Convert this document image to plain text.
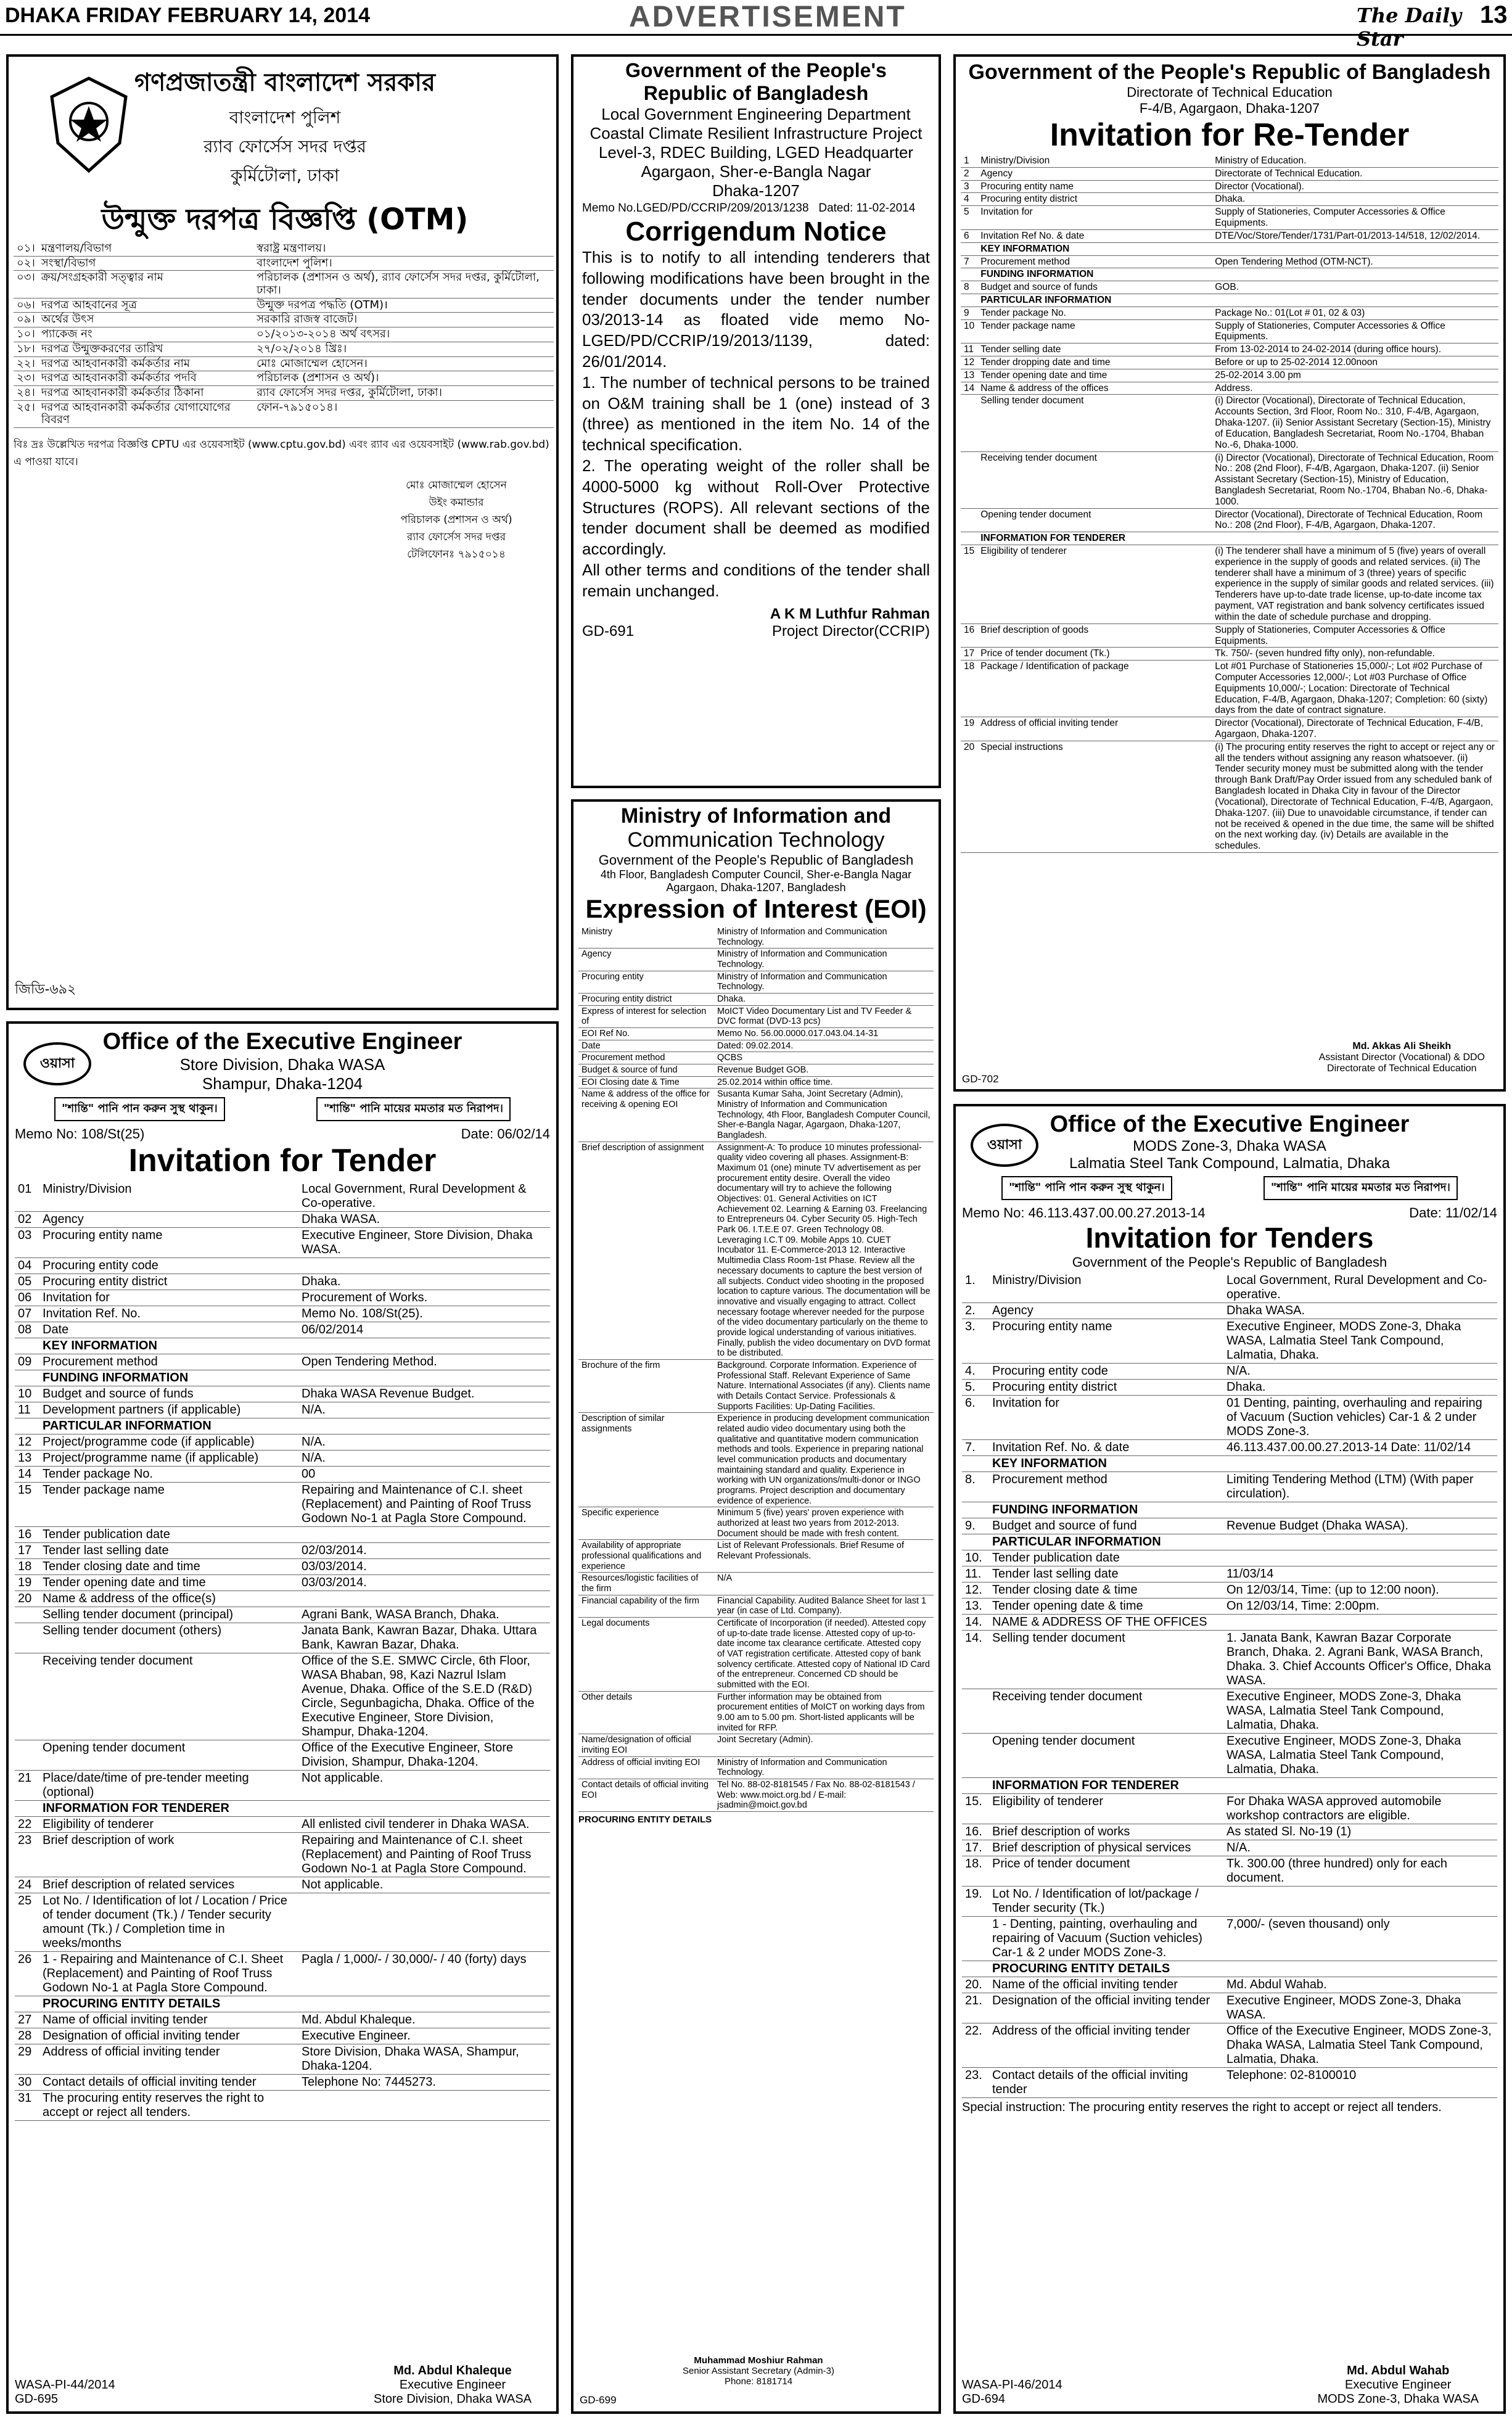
DHAKA FRIDAY FEBRUARY 14, 2014	ADVERTISEMENT	The Daily Star
13
গণপ্রজাতন্ত্রী বাংলাদেশ সরকার
বাংলাদেশ পুলিশ
র‌্যাব ফোর্সেস সদর দপ্তর
কুর্মিটোলা, ঢাকা
উন্মুক্ত দরপত্র বিজ্ঞপ্তি (OTM)
০১।	মন্ত্রণালয়/বিভাগ	স্বরাষ্ট্র মন্ত্রণালয়।
০২।	সংস্থা/বিভাগ	বাংলাদেশ পুলিশ।
০৩।	ক্রয়/সংগ্রহকারী সত্ত্বার নাম	পরিচালক (প্রশাসন ও অর্থ), র‌্যাব ফোর্সেস সদর দপ্তর, কুর্মিটোলা, ঢাকা।
০৬।	দরপত্র আহবানের সূত্র	উন্মুক্ত দরপত্র পদ্ধতি (OTM)।
০৯।	অর্থের উৎস	সরকারি রাজস্ব বাজেট।
১০।	প্যাকেজ নং	০১/২০১৩-২০১৪ অর্থ বৎসর।
১৮।	দরপত্র উন্মুক্তকরণের তারিখ	২৭/০২/২০১৪ খ্রিঃ।
২২।	দরপত্র আহবানকারী কর্মকর্তার নাম	মোঃ মোজাম্মেল হোসেন।
২৩।	দরপত্র আহবানকারী কর্মকর্তার পদবি	পরিচালক (প্রশাসন ও অর্থ)।
২৪।	দরপত্র আহবানকারী কর্মকর্তার ঠিকানা	র‌্যাব ফোর্সেস সদর দপ্তর, কুর্মিটোলা, ঢাকা।
২৫।	দরপত্র আহবানকারী কর্মকর্তার যোগাযোগের বিবরণ	ফোন-৭৯১৫০১৪।
বিঃ দ্রঃ উল্লেখিত দরপত্র বিজ্ঞপ্তি CPTU এর ওয়েবসাইট (www.cptu.gov.bd) এবং র‌্যাব এর ওয়েবসাইট (www.rab.gov.bd) এ পাওয়া যাবে।
মোঃ মোজাম্মেল হোসেন
উইং কমান্ডার
পরিচালক (প্রশাসন ও অর্থ)
র‌্যাব ফোর্সেস সদর দপ্তর
টেলিফোনঃ ৭৯১৫০১৪
জিডি-৬৯২
Government of the People's
Republic of Bangladesh
Local Government Engineering Department
Coastal Climate Resilient Infrastructure Project
Level-3, RDEC Building, LGED Headquarter
Agargaon, Sher-e-Bangla Nagar
Dhaka-1207
Memo No.LGED/PD/CCRIP/209/2013/1238 Dated: 11-02-2014
Corrigendum Notice

This is to notify to all intending tenderers that following modifications have been brought in the tender documents under the tender number 03/2013-14 as floated vide memo No-LGED/PD/CCRIP/19/2013/1139, dated: 26/01/2014.

1. The number of technical persons to be trained on O&M training shall be 1 (one) instead of 3 (three) as mentioned in the item No. 14 of the technical specification.

2. The operating weight of the roller shall be 4000-5000 kg without Roll-Over Protective Structures (ROPS). All relevant sections of the tender document shall be deemed as modified accordingly.

All other terms and conditions of the tender shall remain unchanged.

A K M Luthfur Rahman
GD-691	Project Director(CCRIP)
Ministry of Information and
Communication Technology
Government of the People's Republic of Bangladesh
4th Floor, Bangladesh Computer Council, Sher-e-Bangla Nagar
Agargaon, Dhaka-1207, Bangladesh
Expression of Interest (EOI)
Ministry	Ministry of Information and Communication Technology.
Agency	Ministry of Information and Communication Technology.
Procuring entity	Ministry of Information and Communication Technology.
Procuring entity district	Dhaka.
Express of interest for selection of	MoICT Video Documentary List and TV Feeder & DVC format (DVD-13 pcs)
EOI Ref No.	Memo No. 56.00.0000.017.043.04.14-31
Date	Dated: 09.02.2014.
Procurement method	QCBS
Budget & source of fund	Revenue Budget GOB.
EOI Closing date & Time	25.02.2014 within office time.
Name & address of the office for receiving & opening EOI	Susanta Kumar Saha, Joint Secretary (Admin), Ministry of Information and Communication Technology, 4th Floor, Bangladesh Computer Council, Sher-e-Bangla Nagar, Agargaon, Dhaka-1207, Bangladesh.
Brief description of assignment	Assignment-A: To produce 10 minutes professional-quality video covering all phases. Assignment-B: Maximum 01 (one) minute TV advertisement as per procurement entity desire. Overall the video documentary will try to achieve the following Objectives: 01. General Activities on ICT Achievement 02. Learning & Earning 03. Freelancing to Entrepreneurs 04. Cyber Security 05. High-Tech Park 06. I.T.E.E 07. Green Technology 08. Leveraging I.C.T 09. Mobile Apps 10. CUET Incubator 11. E-Commerce-2013 12. Interactive Multimedia Class Room-1st Phase. Review all the necessary documents to capture the best version of all subjects. Conduct video shooting in the proposed location to capture various. The documentation will be innovative and visually engaging to attract. Collect necessary footage wherever needed for the purpose of the video documentary particularly on the theme to provide logical understanding of various initiatives. Finally, publish the video documentary on DVD format to be distributed.
Brochure of the firm	Background. Corporate Information. Experience of Professional Staff. Relevant Experience of Same Nature. International Associates (if any). Clients name with Details Contact Service. Professionals & Supports Facilities: Up-Dating Facilities.
Description of similar assignments	Experience in producing development communication related audio video documentary using both the qualitative and quantitative modern communication methods and tools. Experience in preparing national level communication products and documentary maintaining standard and quality. Experience in working with UN organizations/multi-donor or INGO programs. Project description and documentary evidence of experience.
Specific experience	Minimum 5 (five) years' proven experience with authorized at least two years from 2012-2013. Document should be made with fresh content.
Availability of appropriate professional qualifications and experience	List of Relevant Professionals. Brief Resume of Relevant Professionals.
Resources/logistic facilities of the firm	N/A
Financial capability of the firm	Financial Capability. Audited Balance Sheet for last 1 year (in case of Ltd. Company).
Legal documents	Certificate of Incorporation (if needed). Attested copy of up-to-date trade license. Attested copy of up-to-date income tax clearance certificate. Attested copy of VAT registration certificate. Attested copy of bank solvency certificate. Attested copy of National ID Card of the entrepreneur. Concerned CD should be submitted with the EOI.
Other details	Further information may be obtained from procurement entities of MoICT on working days from 9.00 am to 5.00 pm. Short-listed applicants will be invited for RFP.
Name/designation of official inviting EOI	Joint Secretary (Admin).
Address of official inviting EOI	Ministry of Information and Communication Technology.
Contact details of official inviting EOI	Tel No. 88-02-8181545 / Fax No. 88-02-8181543 / Web: www.moict.org.bd / E-mail: jsadmin@moict.gov.bd
PROCURING ENTITY DETAILS
Muhammad Moshiur Rahman
Senior Assistant Secretary (Admin-3)
Phone: 8181714
GD-699
Government of the People's Republic of Bangladesh
Directorate of Technical Education
F-4/B, Agargaon, Dhaka-1207
Invitation for Re-Tender
1	Ministry/Division	Ministry of Education.
2	Agency	Directorate of Technical Education.
3	Procuring entity name	Director (Vocational).
4	Procuring entity district	Dhaka.
5	Invitation for	Supply of Stationeries, Computer Accessories & Office Equipments.
6	Invitation Ref No. & date	DTE/Voc/Store/Tender/1731/Part-01/2013-14/518, 12/02/2014.
	KEY INFORMATION	
7	Procurement method	Open Tendering Method (OTM-NCT).
	FUNDING INFORMATION	
8	Budget and source of funds	GOB.
	PARTICULAR INFORMATION	
9	Tender package No.	Package No.: 01(Lot # 01, 02 & 03)
10	Tender package name	Supply of Stationeries, Computer Accessories & Office Equipments.
11	Tender selling date	From 13-02-2014 to 24-02-2014 (during office hours).
12	Tender dropping date and time	Before or up to 25-02-2014 12.00noon
13	Tender opening date and time	25-02-2014 3.00 pm
14	Name & address of the offices	Address.
	Selling tender document	(i) Director (Vocational), Directorate of Technical Education, Accounts Section, 3rd Floor, Room No.: 310, F-4/B, Agargaon, Dhaka-1207. (ii) Senior Assistant Secretary (Section-15), Ministry of Education, Bangladesh Secretariat, Room No.-1704, Bhaban No.-6, Dhaka-1000.
	Receiving tender document	(i) Director (Vocational), Directorate of Technical Education, Room No.: 208 (2nd Floor), F-4/B, Agargaon, Dhaka-1207. (ii) Senior Assistant Secretary (Section-15), Ministry of Education, Bangladesh Secretariat, Room No.-1704, Bhaban No.-6, Dhaka-1000.
	Opening tender document	Director (Vocational), Directorate of Technical Education, Room No.: 208 (2nd Floor), F-4/B, Agargaon, Dhaka-1207.
	INFORMATION FOR TENDERER	
15	Eligibility of tenderer	(i) The tenderer shall have a minimum of 5 (five) years of overall experience in the supply of goods and related services. (ii) The tenderer shall have a minimum of 3 (three) years of specific experience in the supply of similar goods and related services. (iii) Tenderers have up-to-date trade license, up-to-date income tax payment, VAT registration and bank solvency certificates issued within the date of schedule purchase and dropping.
16	Brief description of goods	Supply of Stationeries, Computer Accessories & Office Equipments.
17	Price of tender document (Tk.)	Tk. 750/- (seven hundred fifty only), non-refundable.
18	Package / Identification of package	Lot #01 Purchase of Stationeries 15,000/-; Lot #02 Purchase of Computer Accessories 12,000/-; Lot #03 Purchase of Office Equipments 10,000/-; Location: Directorate of Technical Education, F-4/B, Agargaon, Dhaka-1207; Completion: 60 (sixty) days from the date of contract signature.
19	Address of official inviting tender	Director (Vocational), Directorate of Technical Education, F-4/B, Agargaon, Dhaka-1207.
20	Special instructions	(i) The procuring entity reserves the right to accept or reject any or all the tenders without assigning any reason whatsoever. (ii) Tender security money must be submitted along with the tender through Bank Draft/Pay Order issued from any scheduled bank of Bangladesh located in Dhaka City in favour of the Director (Vocational), Directorate of Technical Education, F-4/B, Agargaon, Dhaka-1207. (iii) Due to unavoidable circumstance, if tender can not be received & opened in the due time, the same will be shifted on the next working day. (iv) Details are available in the schedules.
Md. Akkas Ali Sheikh
Assistant Director (Vocational) & DDO
Directorate of Technical Education
GD-702
ওয়াসা
Office of the Executive Engineer
Store Division, Dhaka WASA
Shampur, Dhaka-1204
"শান্তি" পানি পান করুন সুস্থ থাকুন।	"শান্তি" পানি মায়ের মমতার মত নিরাপদ।
Memo No: 108/St(25)	Date: 06/02/14
Invitation for Tender
01	Ministry/Division	Local Government, Rural Development & Co-operative.
02	Agency	Dhaka WASA.
03	Procuring entity name	Executive Engineer, Store Division, Dhaka WASA.
04	Procuring entity code	
05	Procuring entity district	Dhaka.
06	Invitation for	Procurement of Works.
07	Invitation Ref. No.	Memo No. 108/St(25).
08	Date	06/02/2014
	KEY INFORMATION	
09	Procurement method	Open Tendering Method.
	FUNDING INFORMATION	
10	Budget and source of funds	Dhaka WASA Revenue Budget.
11	Development partners (if applicable)	N/A.
	PARTICULAR INFORMATION	
12	Project/programme code (if applicable)	N/A.
13	Project/programme name (if applicable)	N/A.
14	Tender package No.	00
15	Tender package name	Repairing and Maintenance of C.I. sheet (Replacement) and Painting of Roof Truss Godown No-1 at Pagla Store Compound.
16	Tender publication date	
17	Tender last selling date	02/03/2014.
18	Tender closing date and time	03/03/2014.
19	Tender opening date and time	03/03/2014.
20	Name & address of the office(s)	
	Selling tender document (principal)	Agrani Bank, WASA Branch, Dhaka.
	Selling tender document (others)	Janata Bank, Kawran Bazar, Dhaka. Uttara Bank, Kawran Bazar, Dhaka.
	Receiving tender document	Office of the S.E. SMWC Circle, 6th Floor, WASA Bhaban, 98, Kazi Nazrul Islam Avenue, Dhaka. Office of the S.E.D (R&D) Circle, Segunbagicha, Dhaka. Office of the Executive Engineer, Store Division, Shampur, Dhaka-1204.
	Opening tender document	Office of the Executive Engineer, Store Division, Shampur, Dhaka-1204.
21	Place/date/time of pre-tender meeting (optional)	Not applicable.
	INFORMATION FOR TENDERER	
22	Eligibility of tenderer	All enlisted civil tenderer in Dhaka WASA.
23	Brief description of work	Repairing and Maintenance of C.I. sheet (Replacement) and Painting of Roof Truss Godown No-1 at Pagla Store Compound.
24	Brief description of related services	Not applicable.
25	Lot No. / Identification of lot / Location / Price of tender document (Tk.) / Tender security amount (Tk.) / Completion time in weeks/months	
26	1 - Repairing and Maintenance of C.I. Sheet (Replacement) and Painting of Roof Truss Godown No-1 at Pagla Store Compound.	Pagla / 1,000/- / 30,000/- / 40 (forty) days
	PROCURING ENTITY DETAILS	
27	Name of official inviting tender	Md. Abdul Khaleque.
28	Designation of official inviting tender	Executive Engineer.
29	Address of official inviting tender	Store Division, Dhaka WASA, Shampur, Dhaka-1204.
30	Contact details of official inviting tender	Telephone No: 7445273.
31	The procuring entity reserves the right to accept or reject all tenders.	
Md. Abdul Khaleque
Executive Engineer
Store Division, Dhaka WASA
WASA-PI-44/2014
GD-695
ওয়াসা
Office of the Executive Engineer
MODS Zone-3, Dhaka WASA
Lalmatia Steel Tank Compound, Lalmatia, Dhaka
"শান্তি" পানি পান করুন সুস্থ থাকুন।	"শান্তি" পানি মায়ের মমতার মত নিরাপদ।
Memo No: 46.113.437.00.00.27.2013-14	Date: 11/02/14
Invitation for Tenders
Government of the People's Republic of Bangladesh
1.	Ministry/Division	Local Government, Rural Development and Co-operative.
2.	Agency	Dhaka WASA.
3.	Procuring entity name	Executive Engineer, MODS Zone-3, Dhaka WASA, Lalmatia Steel Tank Compound, Lalmatia, Dhaka.
4.	Procuring entity code	N/A.
5.	Procuring entity district	Dhaka.
6.	Invitation for	01 Denting, painting, overhauling and repairing of Vacuum (Suction vehicles) Car-1 & 2 under MODS Zone-3.
7.	Invitation Ref. No. & date	46.113.437.00.00.27.2013-14 Date: 11/02/14
	KEY INFORMATION	
8.	Procurement method	Limiting Tendering Method (LTM) (With paper circulation).
	FUNDING INFORMATION	
9.	Budget and source of fund	Revenue Budget (Dhaka WASA).
	PARTICULAR INFORMATION	
10.	Tender publication date	
11.	Tender last selling date	11/03/14
12.	Tender closing date & time	On 12/03/14, Time: (up to 12:00 noon).
13.	Tender opening date & time	On 12/03/14, Time: 2:00pm.
14.	NAME & ADDRESS OF THE OFFICES	
14.	Selling tender document	1. Janata Bank, Kawran Bazar Corporate Branch, Dhaka. 2. Agrani Bank, WASA Branch, Dhaka. 3. Chief Accounts Officer's Office, Dhaka WASA.
	Receiving tender document	Executive Engineer, MODS Zone-3, Dhaka WASA, Lalmatia Steel Tank Compound, Lalmatia, Dhaka.
	Opening tender document	Executive Engineer, MODS Zone-3, Dhaka WASA, Lalmatia Steel Tank Compound, Lalmatia, Dhaka.
	INFORMATION FOR TENDERER	
15.	Eligibility of tenderer	For Dhaka WASA approved automobile workshop contractors are eligible.
16.	Brief description of works	As stated Sl. No-19 (1)
17.	Brief description of physical services	N/A.
18.	Price of tender document	Tk. 300.00 (three hundred) only for each document.
19.	Lot No. / Identification of lot/package / Tender security (Tk.)	
	1 - Denting, painting, overhauling and repairing of Vacuum (Suction vehicles) Car-1 & 2 under MODS Zone-3.	7,000/- (seven thousand) only
	PROCURING ENTITY DETAILS	
20.	Name of the official inviting tender	Md. Abdul Wahab.
21.	Designation of the official inviting tender	Executive Engineer, MODS Zone-3, Dhaka WASA.
22.	Address of the official inviting tender	Office of the Executive Engineer, MODS Zone-3, Dhaka WASA, Lalmatia Steel Tank Compound, Lalmatia, Dhaka.
23.	Contact details of the official inviting tender	Telephone: 02-8100010
Special instruction: The procuring entity reserves the right to accept or reject all tenders.
Md. Abdul Wahab
Executive Engineer
MODS Zone-3, Dhaka WASA
WASA-PI-46/2014
GD-694
